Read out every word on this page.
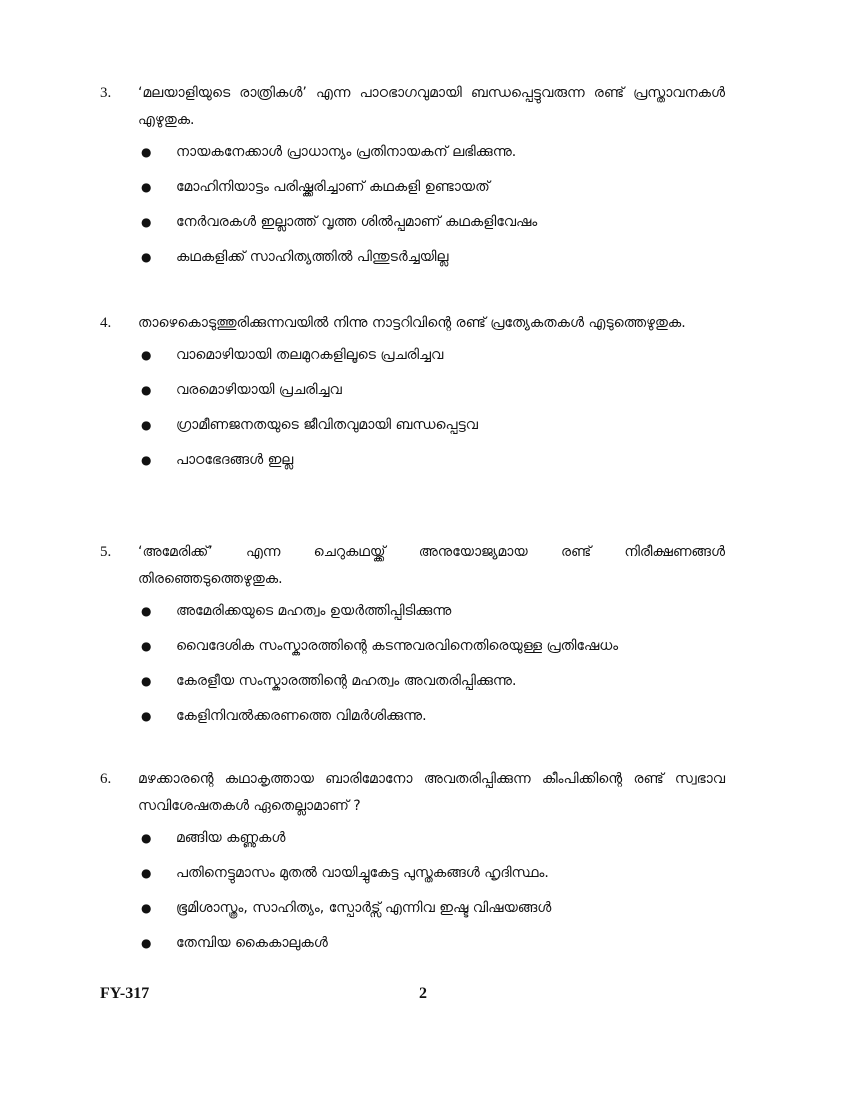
3. ‘മലയാളിയുടെ രാത്രികൾ’ എന്ന പാഠഭാഗവുമായി ബന്ധപ്പെട്ടുവരുന്ന രണ്ട് പ്രസ്താവനകൾ എഴുതുക.
● നായകനേക്കാൾ പ്രാധാന്യം പ്രതിനായകന് ലഭിക്കുന്നു.
● മോഹിനിയാട്ടം പരിഷ്ക്കരിച്ചാണ് കഥകളി ഉണ്ടായത്
● നേർവരകൾ ഇല്ലാത്ത് വൃത്ത ശിൽപ്പമാണ് കഥകളിവേഷം
● കഥകളിക്ക് സാഹിത്യത്തിൽ പിന്തുടർച്ചയില്ല
4. താഴെകൊടുത്തുരിക്കുന്നവയിൽ നിന്നു നാട്ടറിവിന്റെ രണ്ട് പ്രത്യേകതകൾ എടുത്തെഴുതുക.
● വാമൊഴിയായി തലമുറകളിലൂടെ പ്രചരിച്ചവ
● വരമൊഴിയായി പ്രചരിച്ചവ
● ഗ്രാമീണജനതയുടെ ജീവിതവുമായി ബന്ധപ്പെട്ടവ
● പാഠഭേദങ്ങൾ ഇല്ല
5. ‘അമേരിക്ക്’ എന്ന ചെറുകഥയ്ക്ക് അനുയോജ്യമായ രണ്ട് നിരീക്ഷണങ്ങൾ തിരഞ്ഞെടുത്തെഴുതുക.
● അമേരിക്കയുടെ മഹത്വം ഉയർത്തിപ്പിടിക്കുന്നു
● വൈദേശിക സംസ്കാരത്തിന്റെ കടന്നുവരവിനെതിരെയുള്ള പ്രതിഷേധം
● കേരളീയ സംസ്കാരത്തിന്റെ മഹത്വം അവതരിപ്പിക്കുന്നു.
● കേളിനിവൽക്കരണത്തെ വിമർശിക്കുന്നു.
6. മഴക്കാരന്റെ കഥാകൃത്തായ ബാരിമോനോ അവതരിപ്പിക്കുന്ന കീംപിക്കിന്റെ രണ്ട് സ്വഭാവ സവിശേഷതകൾ ഏതെല്ലാമാണ് ?
● മങ്ങിയ കണ്ണുകൾ
● പതിനെട്ടുമാസം മുതൽ വായിച്ചുകേട്ട പുസ്തകങ്ങൾ ഹൃദിസ്ഥം.
● ഭൂമിശാസ്ത്രം, സാഹിത്യം, സ്പോർട്സ് എന്നിവ ഇഷ്ട വിഷയങ്ങൾ
● തേമ്പിയ കൈകാലുകൾ
FY-317	2
